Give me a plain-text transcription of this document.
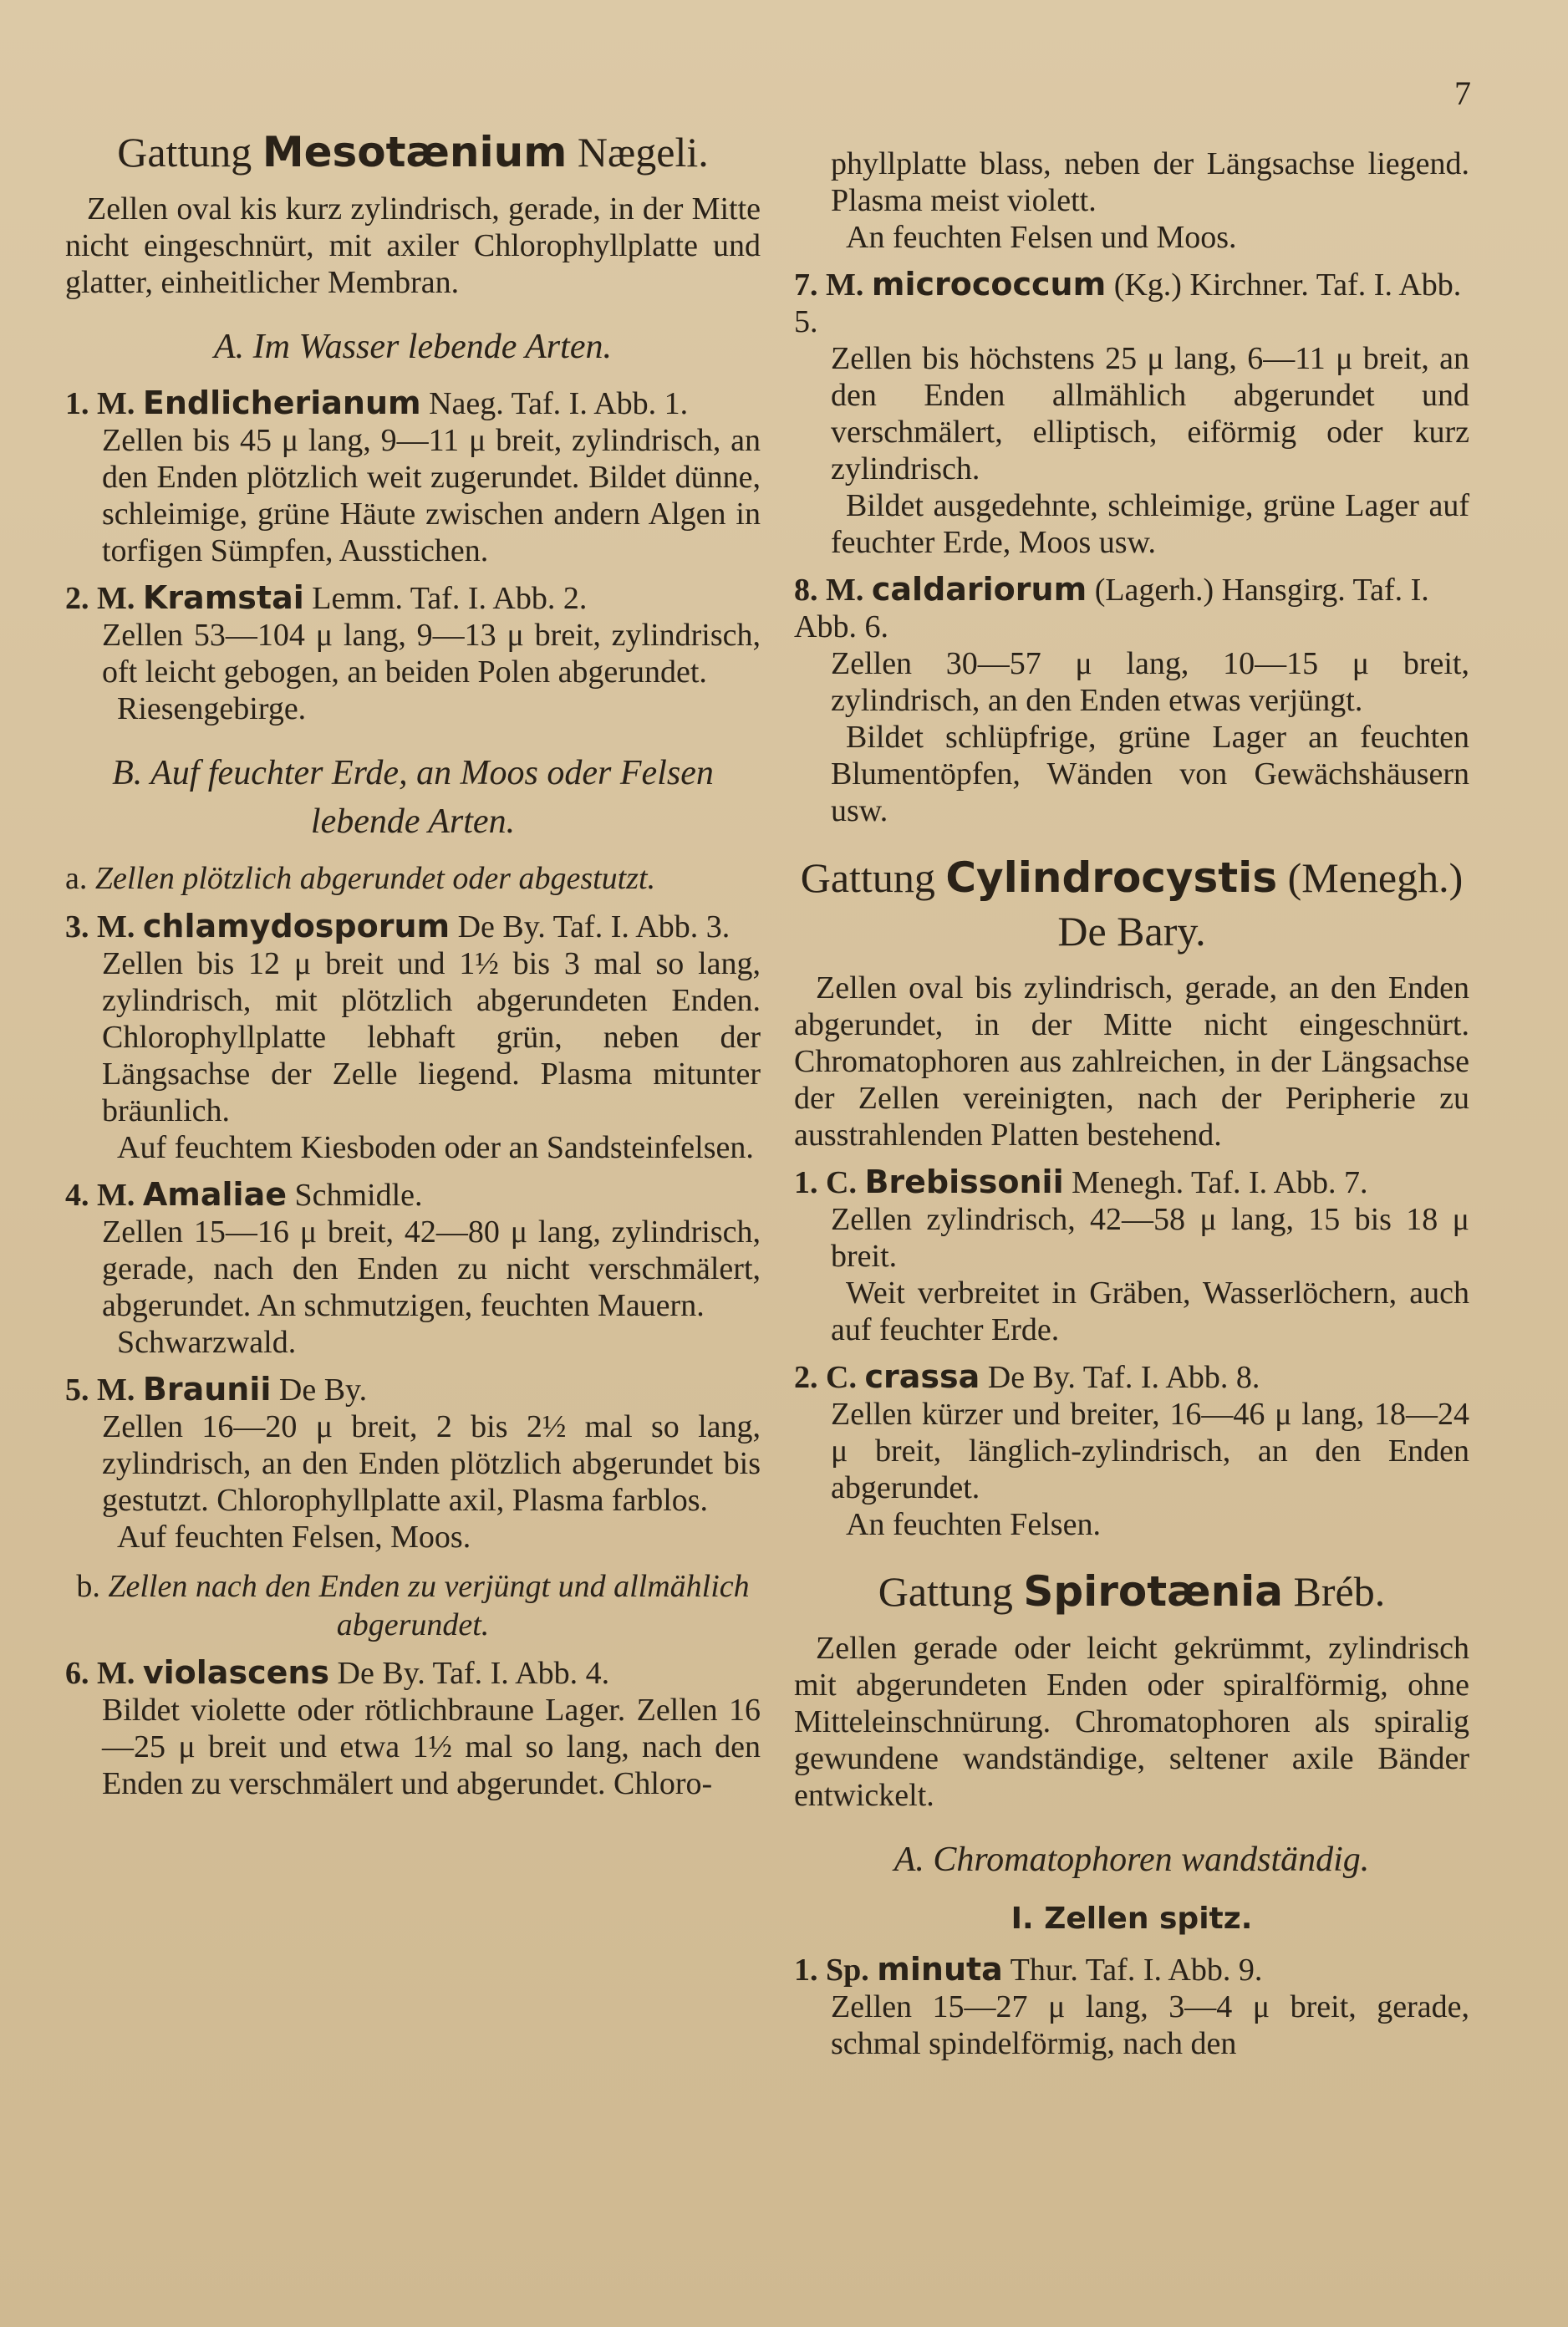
7
Gattung Mesotænium Nægeli.

Zellen oval kis kurz zylindrisch, gerade, in der Mitte nicht eingeschnürt, mit axiler Chlorophyllplatte und glatter, einheitlicher Membran.

A. Im Wasser lebende Arten.
1. M. Endlicherianum Naeg. Taf. I. Abb. 1.

Zellen bis 45 μ lang, 9—11 μ breit, zylindrisch, an den Enden plötzlich weit zugerundet. Bildet dünne, schleimige, grüne Häute zwischen andern Algen in torfigen Sümpfen, Ausstichen.

2. M. Kramstai Lemm. Taf. I. Abb. 2.

Zellen 53—104 μ lang, 9—13 μ breit, zylindrisch, oft leicht gebogen, an beiden Polen abgerundet.

Riesengebirge.

B. Auf feuchter Erde, an Moos oder Felsen lebende Arten.
a. Zellen plötzlich abgerundet oder abgestutzt.
3. M. chlamydosporum De By. Taf. I. Abb. 3.

Zellen bis 12 μ breit und 1½ bis 3 mal so lang, zylindrisch, mit plötzlich abgerundeten Enden. Chlorophyllplatte lebhaft grün, neben der Längsachse der Zelle liegend. Plasma mitunter bräunlich.

Auf feuchtem Kiesboden oder an Sandsteinfelsen.

4. M. Amaliae Schmidle.

Zellen 15—16 μ breit, 42—80 μ lang, zylindrisch, gerade, nach den Enden zu nicht verschmälert, abgerundet. An schmutzigen, feuchten Mauern.

Schwarzwald.

5. M. Braunii De By.

Zellen 16—20 μ breit, 2 bis 2½ mal so lang, zylindrisch, an den Enden plötzlich abgerundet bis gestutzt. Chlorophyllplatte axil, Plasma farblos.

Auf feuchten Felsen, Moos.

b. Zellen nach den Enden zu verjüngt und allmählich abgerundet.
6. M. violascens De By. Taf. I. Abb. 4.

Bildet violette oder rötlichbraune Lager. Zellen 16—25 μ breit und etwa 1½ mal so lang, nach den Enden zu verschmälert und abgerundet. Chloro-

phyllplatte blass, neben der Längsachse liegend. Plasma meist violett.

An feuchten Felsen und Moos.

7. M. micrococcum (Kg.) Kirchner. Taf. I. Abb. 5.

Zellen bis höchstens 25 μ lang, 6—11 μ breit, an den Enden allmählich abgerundet und verschmälert, elliptisch, eiförmig oder kurz zylindrisch.

Bildet ausgedehnte, schleimige, grüne Lager auf feuchter Erde, Moos usw.

8. M. caldariorum (Lagerh.) Hansgirg. Taf. I. Abb. 6.

Zellen 30—57 μ lang, 10—15 μ breit, zylindrisch, an den Enden etwas verjüngt.

Bildet schlüpfrige, grüne Lager an feuchten Blumentöpfen, Wänden von Gewächshäusern usw.

Gattung Cylindrocystis (Menegh.) De Bary.

Zellen oval bis zylindrisch, gerade, an den Enden abgerundet, in der Mitte nicht eingeschnürt. Chromatophoren aus zahlreichen, in der Längsachse der Zellen vereinigten, nach der Peripherie zu ausstrahlenden Platten bestehend.

1. C. Brebissonii Menegh. Taf. I. Abb. 7.

Zellen zylindrisch, 42—58 μ lang, 15 bis 18 μ breit.

Weit verbreitet in Gräben, Wasserlöchern, auch auf feuchter Erde.

2. C. crassa De By. Taf. I. Abb. 8.

Zellen kürzer und breiter, 16—46 μ lang, 18—24 μ breit, länglich-zylindrisch, an den Enden abgerundet.

An feuchten Felsen.

Gattung Spirotænia Bréb.

Zellen gerade oder leicht gekrümmt, zylindrisch mit abgerundeten Enden oder spiralförmig, ohne Mitteleinschnürung. Chromatophoren als spiralig gewundene wandständige, seltener axile Bänder entwickelt.

A. Chromatophoren wandständig.
I. Zellen spitz.
1. Sp. minuta Thur. Taf. I. Abb. 9.

Zellen 15—27 μ lang, 3—4 μ breit, gerade, schmal spindelförmig, nach den
